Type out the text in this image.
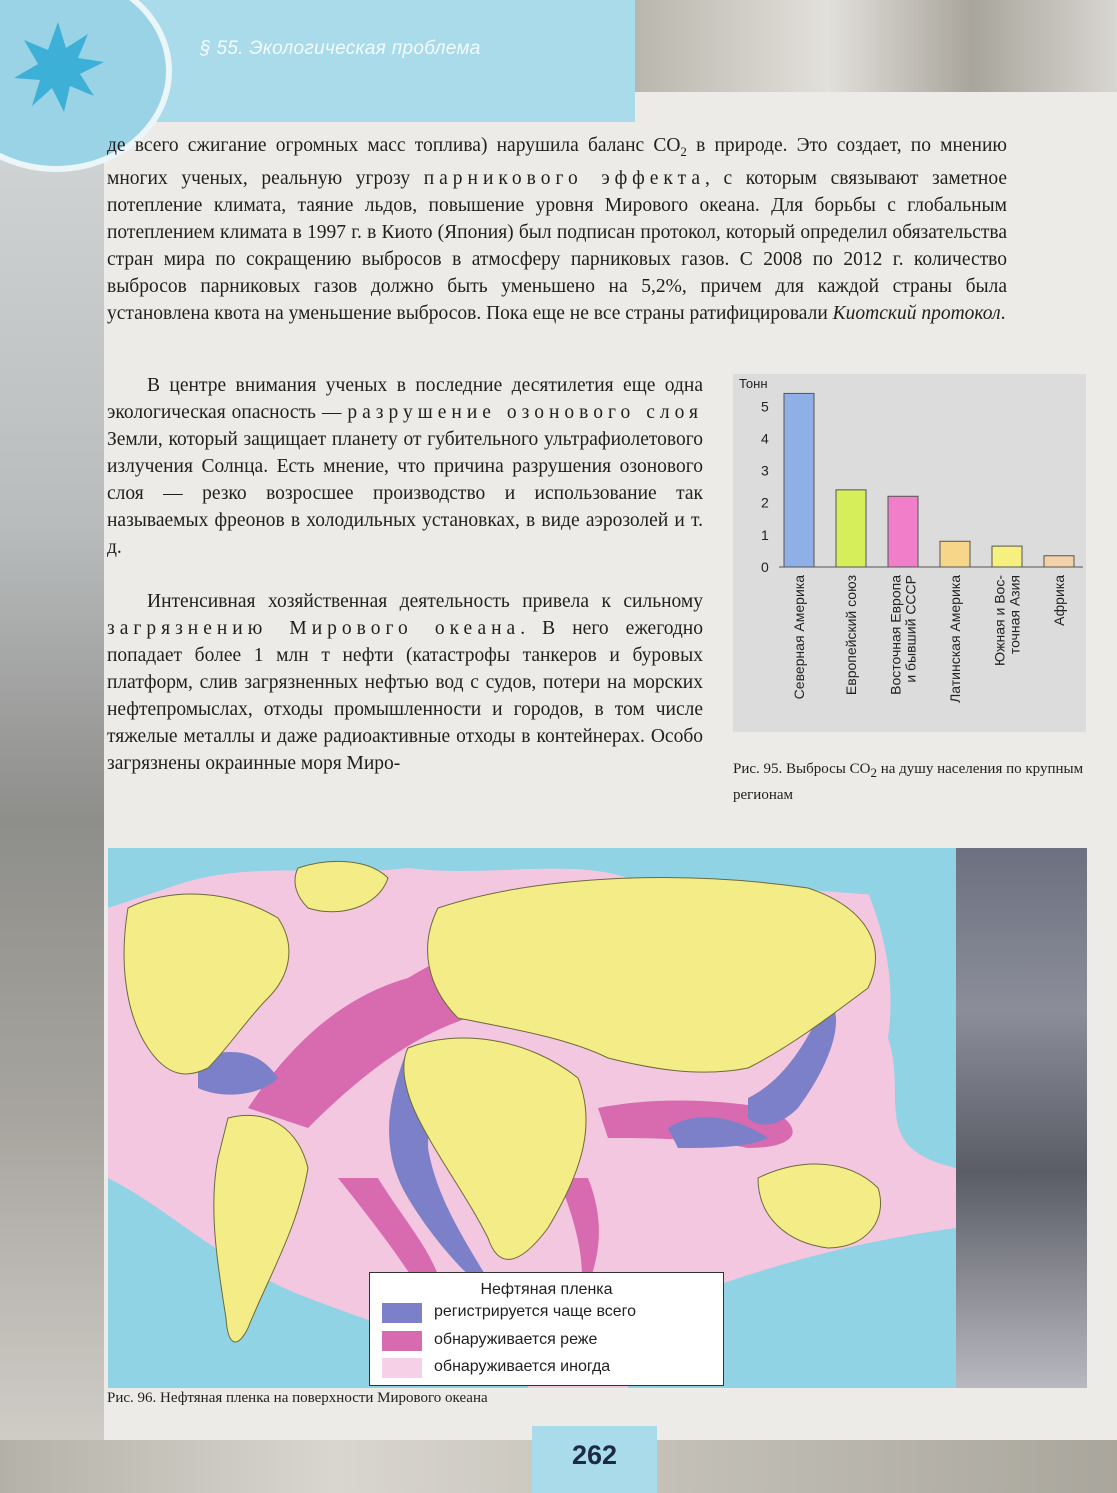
§ 55. Экологическая проблема

де всего сжигание огромных масс топлива) нарушила баланс $СО_2$ в природе. Это создает, по мнению многих ученых, реальную угрозу парникового эффекта, с которым связывают заметное потепление климата, таяние льдов, повышение уровня Мирового океана. Для борьбы с глобальным потеплением климата в 1997 г. в Киото (Япония) был подписан протокол, который определил обязательства стран мира по сокращению выбросов в атмосферу парниковых газов. С 2008 по 2012 г. количество выбросов парниковых газов должно быть уменьшено на 5,2%, причем для каждой страны была установлена квота на уменьшение выбросов. Пока еще не все страны ратифицировали Киотский протокол.

В центре внимания ученых в последние десятилетия еще одна экологическая опасность — разрушение озонового слоя Земли, который защищает планету от губительного ультрафиолетового излучения Солнца. Есть мнение, что причина разрушения озонового слоя — резко возросшее производство и использование так называемых фреонов в холодильных установках, в виде аэрозолей и т. д.

Интенсивная хозяйственная деятельность привела к сильному загрязнению Мирового океана. В него ежегодно попадает более 1 млн т нефти (катастрофы танкеров и буровых платформ, слив загрязненных нефтью вод с судов, потери на морских нефтепромыслах, отходы промышленности и городов, в том числе тяжелые металлы и даже радиоактивные отходы в контейнерах. Особо загрязнены окраинные моря Миро-

Тонн
0
1
2
3
4
5
Северная Америка	Европейский союз Восточная Европа и бывший СССР Латинская Америка Южная и Вос- точная Азия Африка
Рис. 95. Выбросы $СО_2$ на душу населения по крупным регионам
Нефтяная пленка
регистрируется чаще всего
обнаруживается реже
обнаруживается иногда
Рис. 96. Нефтяная пленка на поверхности Мирового океана
262
